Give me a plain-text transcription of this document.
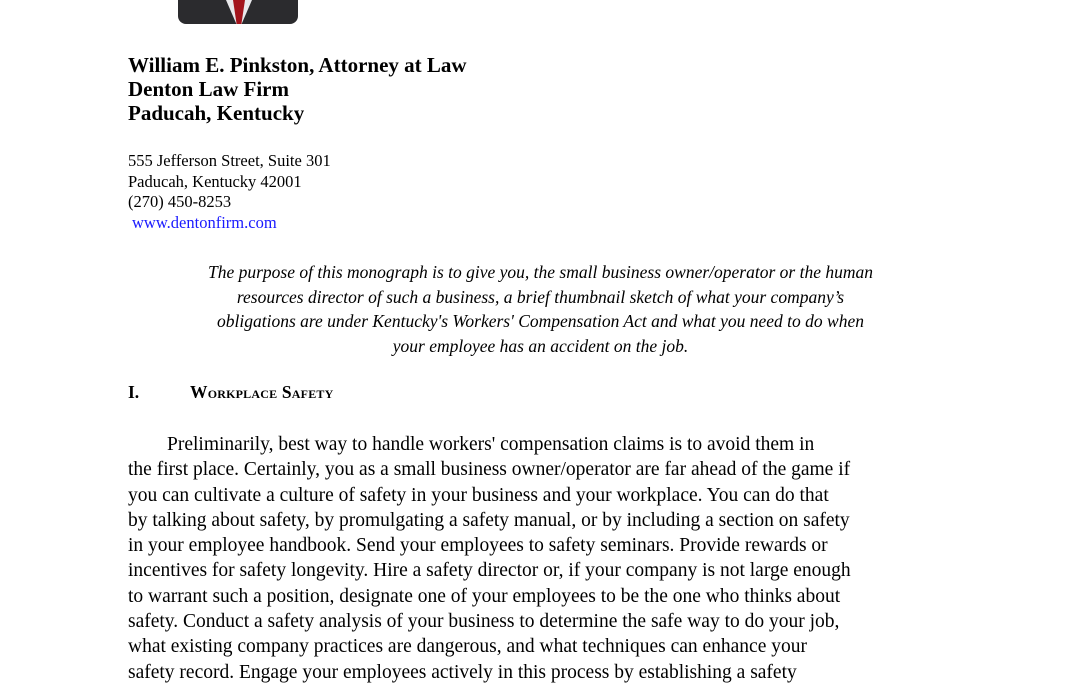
William E. Pinkston, Attorney at Law
Denton Law Firm
Paducah, Kentucky
555 Jefferson Street, Suite 301
Paducah, Kentucky 42001
(270) 450-8253
www.dentonfirm.com
The purpose of this monograph is to give you, the small business owner/operator or the human
resources director of such a business, a brief thumbnail sketch of what your company’s
obligations are under Kentucky's Workers' Compensation Act and what you need to do when
your employee has an accident on the job.
I.	Workplace Safety
Preliminarily, best way to handle workers' compensation claims is to avoid them in
the first place. Certainly, you as a small business owner/operator are far ahead of the game if
you can cultivate a culture of safety in your business and your workplace. You can do that
by talking about safety, by promulgating a safety manual, or by including a section on safety
in your employee handbook. Send your employees to safety seminars. Provide rewards or
incentives for safety longevity. Hire a safety director or, if your company is not large enough
to warrant such a position, designate one of your employees to be the one who thinks about
safety. Conduct a safety analysis of your business to determine the safe way to do your job,
what existing company practices are dangerous, and what techniques can enhance your
safety record. Engage your employees actively in this process by establishing a safety
